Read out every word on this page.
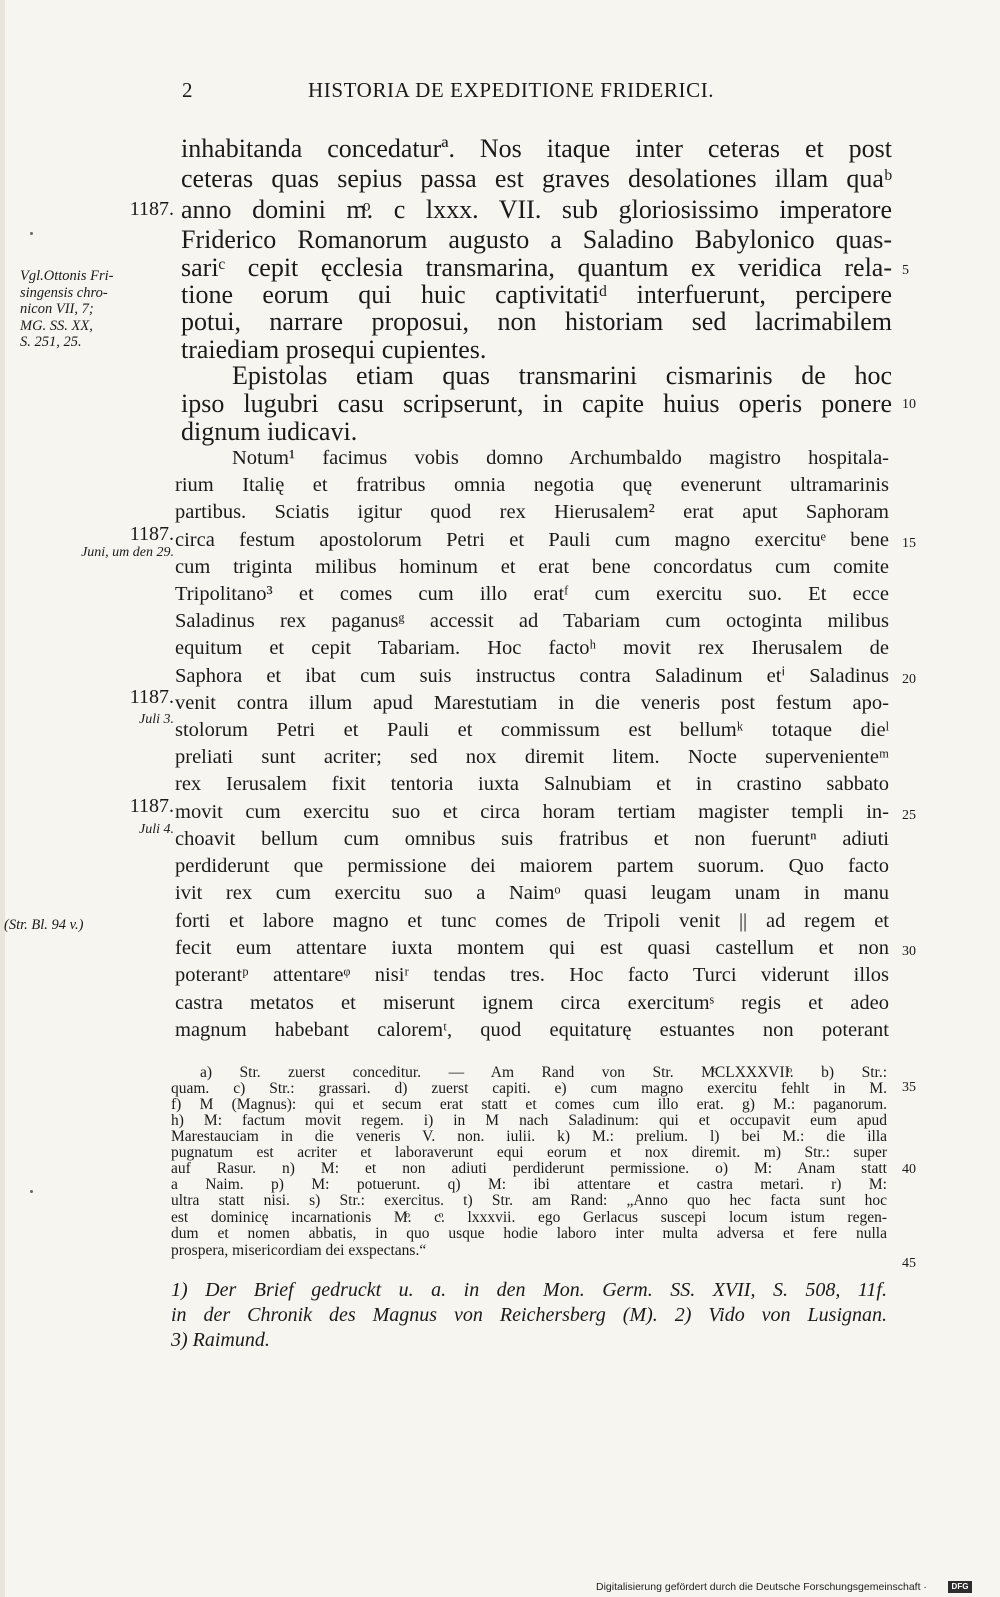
2	HISTORIA DE EXPEDITIONE FRIDERICI.
inhabitanda concedaturª. Nos itaque inter ceteras et post
ceteras quas sepius passa est graves desolationes illam quaᵇ
anno domini mͦ. c lxxx. VII. sub gloriosissimo imperatore
Friderico Romanorum augusto a Saladino Babylonico quas-
sariᶜ cepit ęcclesia transmarina, quantum ex veridica rela-
tione eorum qui huic captivitatiᵈ interfuerunt, percipere
potui, narrare proposui, non historiam sed lacrimabilem
traiediam prosequi cupientes.
Epistolas etiam quas transmarini cismarinis de hoc
ipso lugubri casu scripserunt, in capite huius operis ponere
dignum iudicavi.
Notum¹ facimus vobis domno Archumbaldo magistro hospitala-
rium Italię et fratribus omnia negotia quę evenerunt ultramarinis
partibus. Sciatis igitur quod rex Hierusalem² erat aput Saphoram
circa festum apostolorum Petri et Pauli cum magno exercituᵉ bene
cum triginta milibus hominum et erat bene concordatus cum comite
Tripolitano³ et comes cum illo eratᶠ cum exercitu suo. Et ecce
Saladinus rex paganusᵍ accessit ad Tabariam cum octoginta milibus
equitum et cepit Tabariam. Hoc factoʰ movit rex Iherusalem de
Saphora et ibat cum suis instructus contra Saladinum etⁱ Saladinus
venit contra illum apud Marestutiam in die veneris post festum apo-
stolorum Petri et Pauli et commissum est bellumᵏ totaque dieˡ
preliati sunt acriter; sed nox diremit litem. Nocte supervenienteᵐ
rex Ierusalem fixit tentoria iuxta Salnubiam et in crastino sabbato
movit cum exercitu suo et circa horam tertiam magister templi in-
choavit bellum cum omnibus suis fratribus et non fueruntⁿ adiuti
perdiderunt que permissione dei maiorem partem suorum. Quo facto
ivit rex cum exercitu suo a Naimᵒ quasi leugam unam in manu
forti et labore magno et tunc comes de Tripoli venit || ad regem et
fecit eum attentare iuxta montem qui est quasi castellum et non
poterantᵖ attentareᵠ nisiʳ tendas tres. Hoc facto Turci viderunt illos
castra metatos et miserunt ignem circa exercitumˢ regis et adeo
magnum habebant caloremᵗ, quod equitaturę estuantes non poterant
a) Str. zuerst conceditur. — Am Rand von Str. MͦCLXXXVIIͦ. b) Str.:
quam. c) Str.: grassari. d) zuerst capiti. e) cum magno exercitu fehlt in M.
f) M (Magnus): qui et secum erat statt et comes cum illo erat. g) M.: paganorum.
h) M: factum movit regem. i) in M nach Saladinum: qui et occupavit eum apud
Marestauciam in die veneris V. non. iulii. k) M.: prelium. l) bei M.: die illa
pugnatum est acriter et laboraverunt equi eorum et nox diremit. m) Str.: super
auf Rasur. n) M: et non adiuti perdiderunt permissione. o) M: Anam statt
a Naim. p) M: potuerunt. q) M: ibi attentare et castra metari. r) M:
ultra statt nisi. s) Str.: exercitus. t) Str. am Rand: „Anno quo hec facta sunt hoc
est dominicę incarnationis Mͦ. cͦ. lxxxvii. ego Gerlacus suscepi locum istum regen-
dum et nomen abbatis, in quo usque hodie laboro inter multa adversa et fere nulla
prospera, misericordiam dei exspectans.“
1) Der Brief gedruckt u. a. in den Mon. Germ. SS. XVII, S. 508, 11f.
in der Chronik des Magnus von Reichersberg (M). 2) Vido von Lusignan.
3) Raimund.
1187.
1187.
Juni, um den 29.
1187.
Juli 3.
1187.
Juli 4.
Vgl.Ottonis Fri-
singensis chro-
nicon VII, 7;
MG. SS. XX,
S. 251, 25.
(Str. Bl. 94 v.)
5
10
15
20
25
30
35
40
45
Digitalisierung gefördert durch die Deutsche Forschungsgemeinschaft ·	DFG
